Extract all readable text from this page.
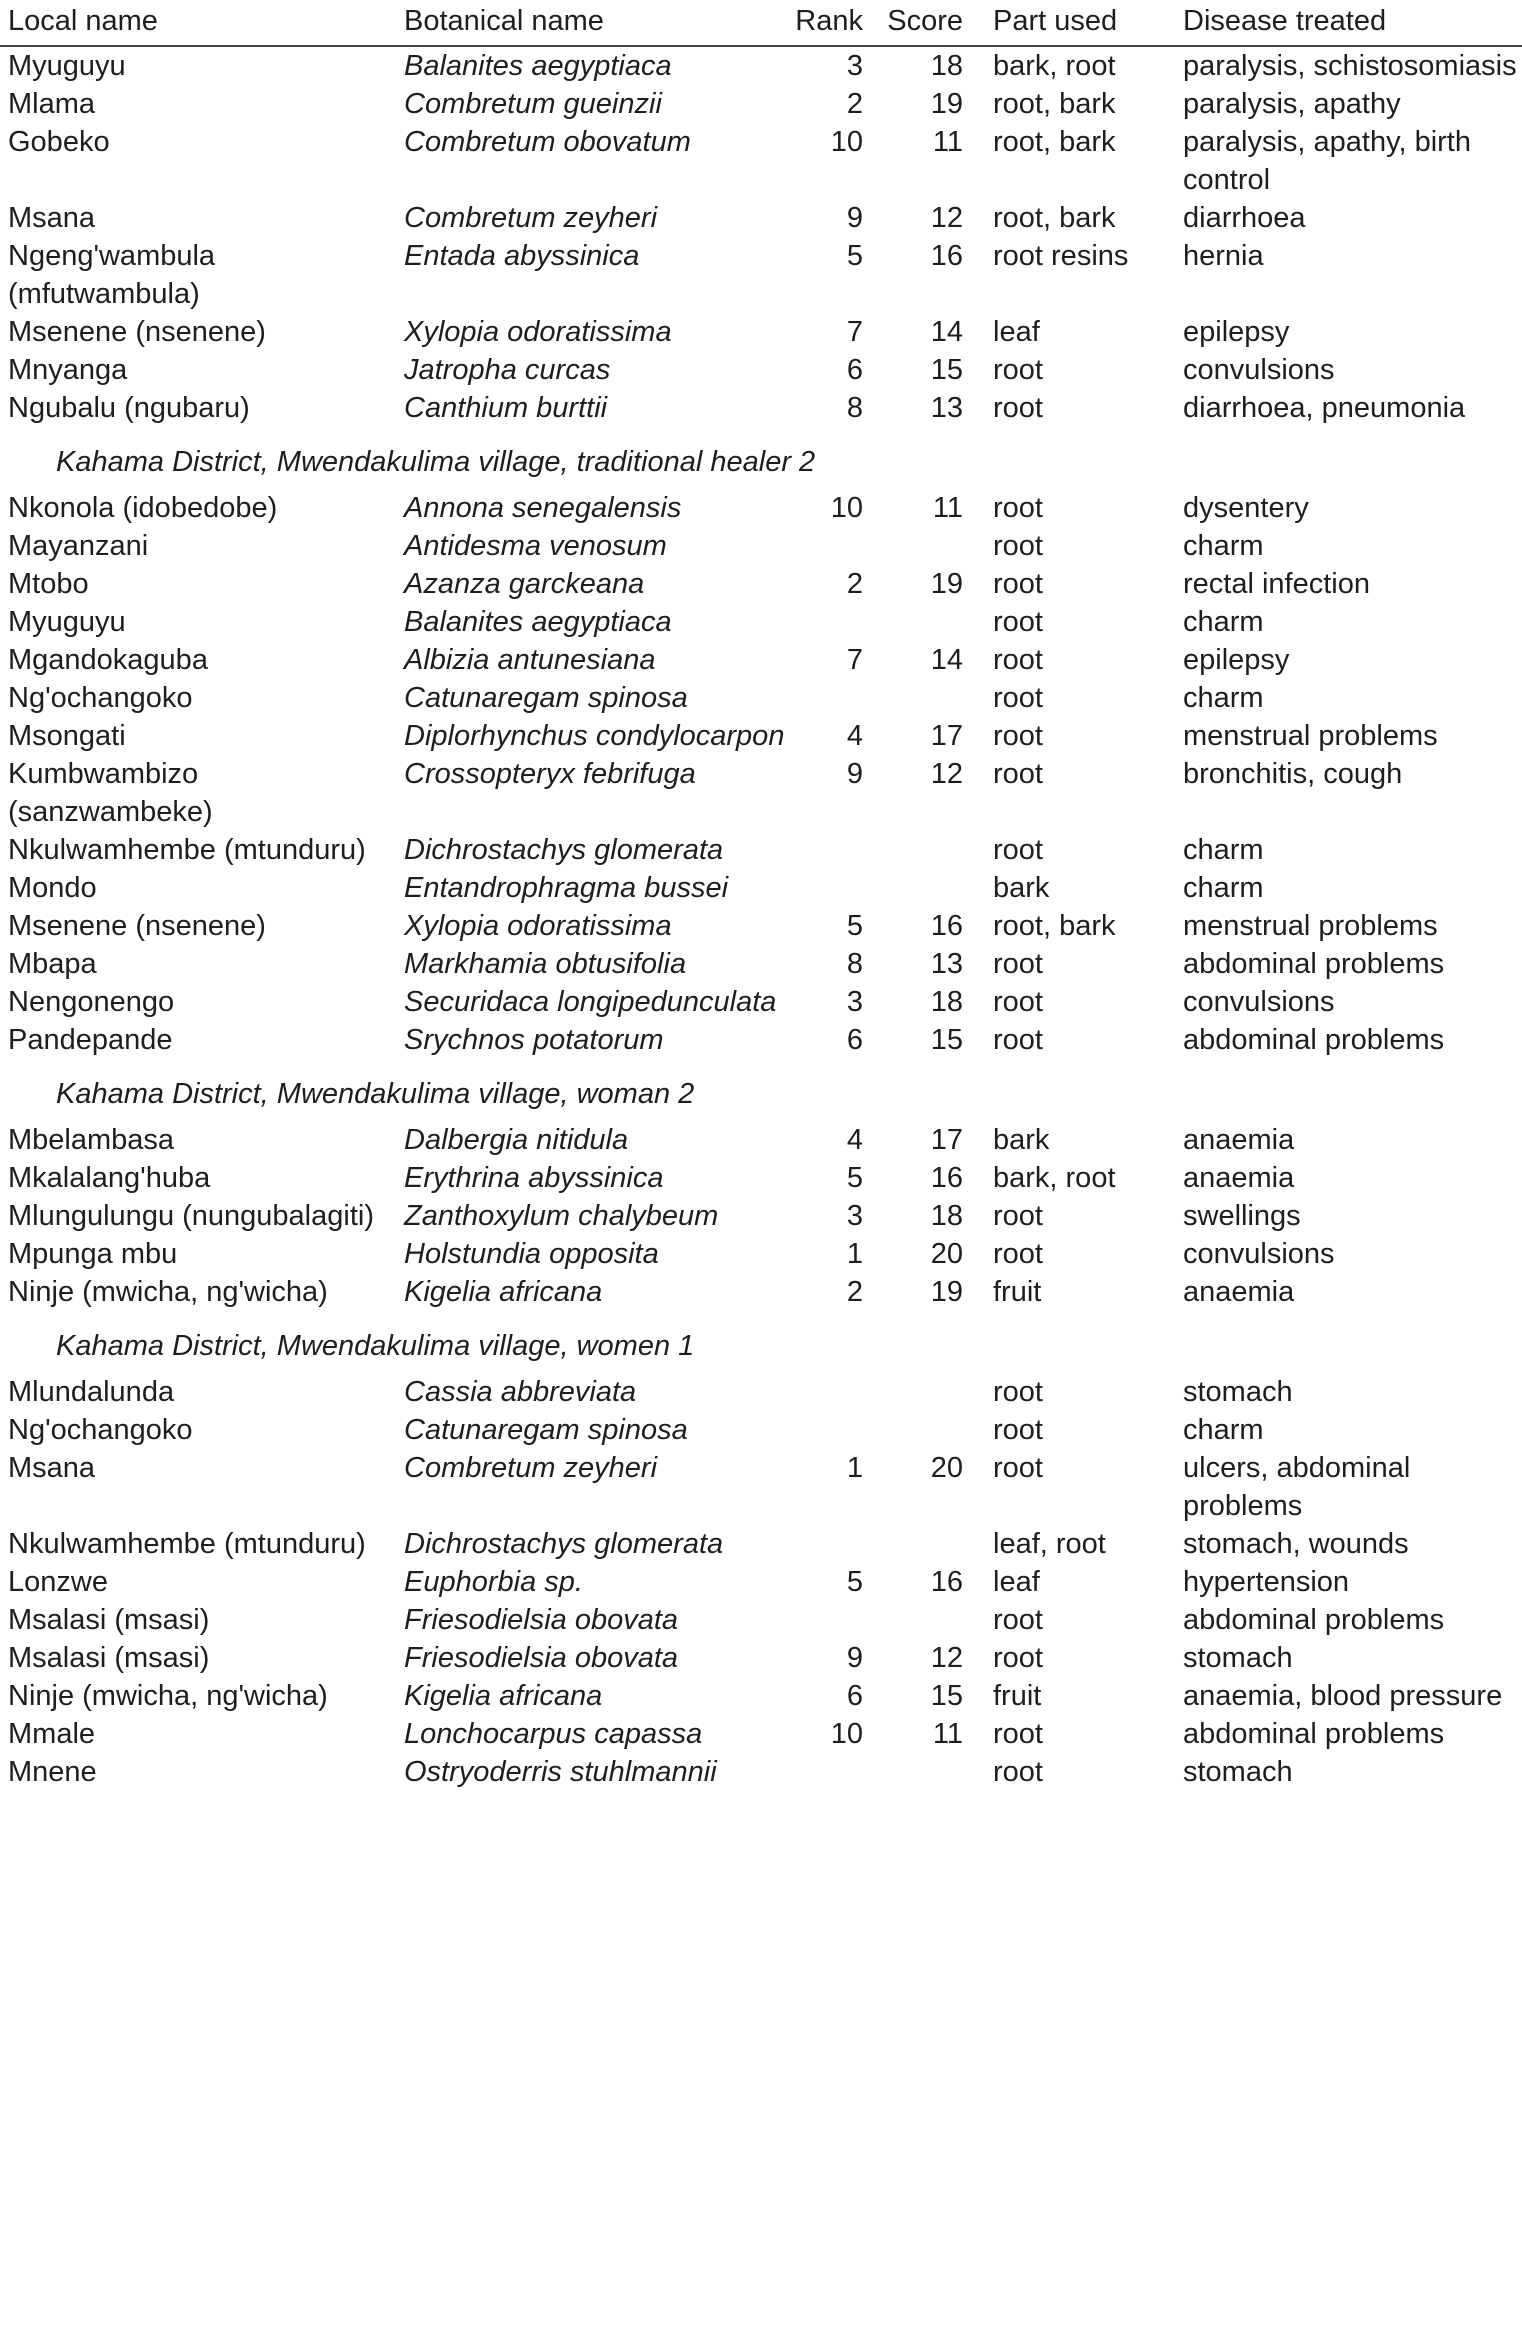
Local name	Botanical name	Rank	Score	Part used	Disease treated
Myuguyu	Balanites aegyptiaca	3	18	bark, root	paralysis, schistosomiasis
Mlama	Combretum gueinzii	2	19	root, bark	paralysis, apathy
Gobeko	Combretum obovatum	10	11	root, bark	paralysis, apathy, birth control
Msana	Combretum zeyheri	9	12	root, bark	diarrhoea
Ngeng'wambula (mfutwambula)	Entada abyssinica	5	16	root resins	hernia
Msenene (nsenene)	Xylopia odoratissima	7	14	leaf	epilepsy
Mnyanga	Jatropha curcas	6	15	root	convulsions
Ngubalu (ngubaru)	Canthium burttii	8	13	root	diarrhoea, pneumonia
Kahama District, Mwendakulima village, traditional healer 2					
Nkonola (idobedobe)	Annona senegalensis	10	11	root	dysentery
Mayanzani	Antidesma venosum			root	charm
Mtobo	Azanza garckeana	2	19	root	rectal infection
Myuguyu	Balanites aegyptiaca			root	charm
Mgandokaguba	Albizia antunesiana	7	14	root	epilepsy
Ng'ochangoko	Catunaregam spinosa			root	charm
Msongati	Diplorhynchus condylocarpon	4	17	root	menstrual problems
Kumbwambizo (sanzwambeke)	Crossopteryx febrifuga	9	12	root	bronchitis, cough
Nkulwamhembe (mtunduru)	Dichrostachys glomerata			root	charm
Mondo	Entandrophragma bussei			bark	charm
Msenene (nsenene)	Xylopia odoratissima	5	16	root, bark	menstrual problems
Mbapa	Markhamia obtusifolia	8	13	root	abdominal problems
Nengonengo	Securidaca longipedunculata	3	18	root	convulsions
Pandepande	Srychnos potatorum	6	15	root	abdominal problems
Kahama District, Mwendakulima village, woman 2					
Mbelambasa	Dalbergia nitidula	4	17	bark	anaemia
Mkalalang'huba	Erythrina abyssinica	5	16	bark, root	anaemia
Mlungulungu (nungubalagiti)	Zanthoxylum chalybeum	3	18	root	swellings
Mpunga mbu	Holstundia opposita	1	20	root	convulsions
Ninje (mwicha, ng'wicha)	Kigelia africana	2	19	fruit	anaemia
Kahama District, Mwendakulima village, women 1					
Mlundalunda	Cassia abbreviata			root	stomach
Ng'ochangoko	Catunaregam spinosa			root	charm
Msana	Combretum zeyheri	1	20	root	ulcers, abdominal problems
Nkulwamhembe (mtunduru)	Dichrostachys glomerata			leaf, root	stomach, wounds
Lonzwe	Euphorbia sp.	5	16	leaf	hypertension
Msalasi (msasi)	Friesodielsia obovata			root	abdominal problems
Msalasi (msasi)	Friesodielsia obovata	9	12	root	stomach
Ninje (mwicha, ng'wicha)	Kigelia africana	6	15	fruit	anaemia, blood pressure
Mmale	Lonchocarpus capassa	10	11	root	abdominal problems
Mnene	Ostryoderris stuhlmannii			root	stomach
